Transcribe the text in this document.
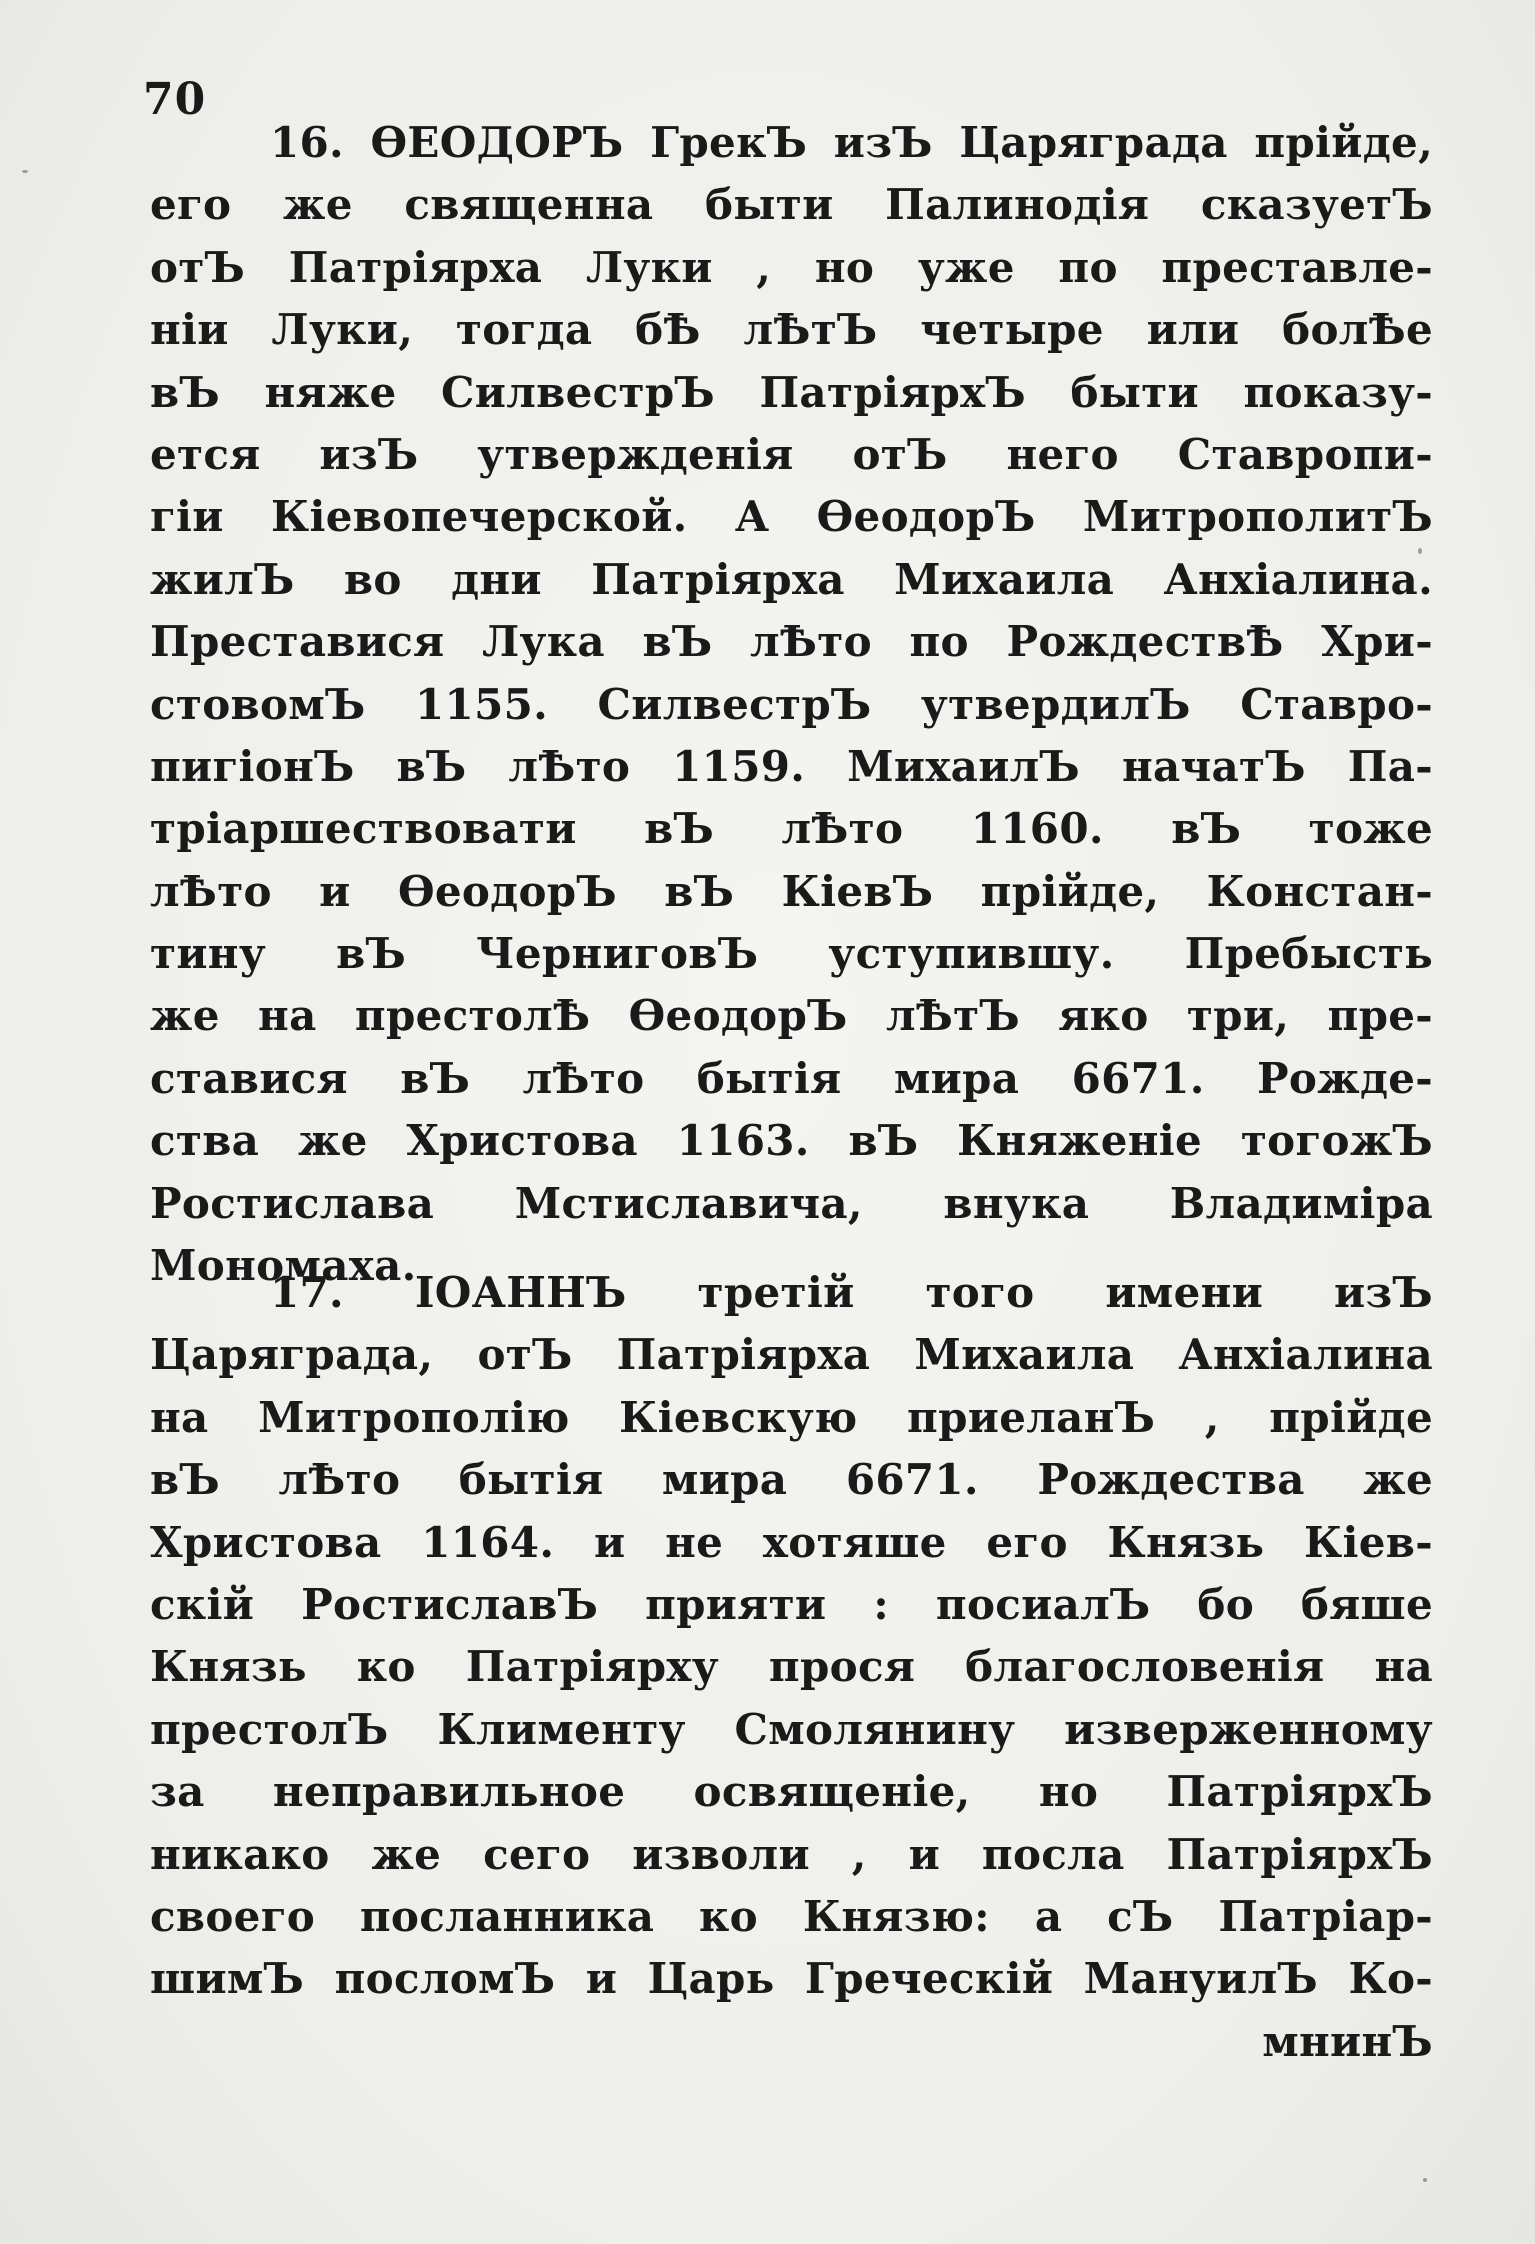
70
16. ѲЕОДОРЪ ГрекЪ изЪ Царяграда прійде,
его же священна быти Палинодія сказуетЪ
отЪ Патріярха Луки , но уже по преставле-
ніи Луки, тогда бѢ лѢтЪ четыре или болѢе
вЪ няже СилвестрЪ ПатріярхЪ быти показу-
ется изЪ утвержденія отЪ него Ставропи-
гіи Кіевопечерской. А ѲеодорЪ МитрополитЪ
жилЪ во дни Патріярха Михаила Анхіалина.
Преставися Лука вЪ лѢто по РождествѢ Хри-
стовомЪ 1155. СилвестрЪ утвердилЪ Ставро-
пигіонЪ вЪ лѢто 1159. МихаилЪ начатЪ Па-
тріаршествовати вЪ лѢто 1160. вЪ тоже
лѢто и ѲеодорЪ вЪ КіевЪ прійде, Констан-
тину вЪ ЧерниговЪ уступившу. Пребысть
же на престолѢ ѲеодорЪ лѢтЪ яко три, пре-
ставися вЪ лѢто бытія мира 6671. Рожде-
ства же Христова 1163. вЪ Княженіе тогожЪ
Ростислава Мстиславича, внука Владиміра
Мономаха.
17. ІОАННЪ третій того имени изЪ
Царяграда, отЪ Патріярха Михаила Анхіалина
на Митрополію Кіевскую приеланЪ , прійде
вЪ лѢто бытія мира 6671. Рождества же
Христова 1164. и не хотяше его Князь Кіев-
скій РостиславЪ прияти : посиалЪ бо бяше
Князь ко Патріярху прося благословенія на
престолЪ Клименту Смолянину изверженному
за неправильное освященіе, но ПатріярхЪ
никако же сего изволи , и посла ПатріярхЪ
своего посланника ко Князю: а сЪ Патріар-
шимЪ посломЪ и Царь Греческій МануилЪ Ко-
мнинЪ
